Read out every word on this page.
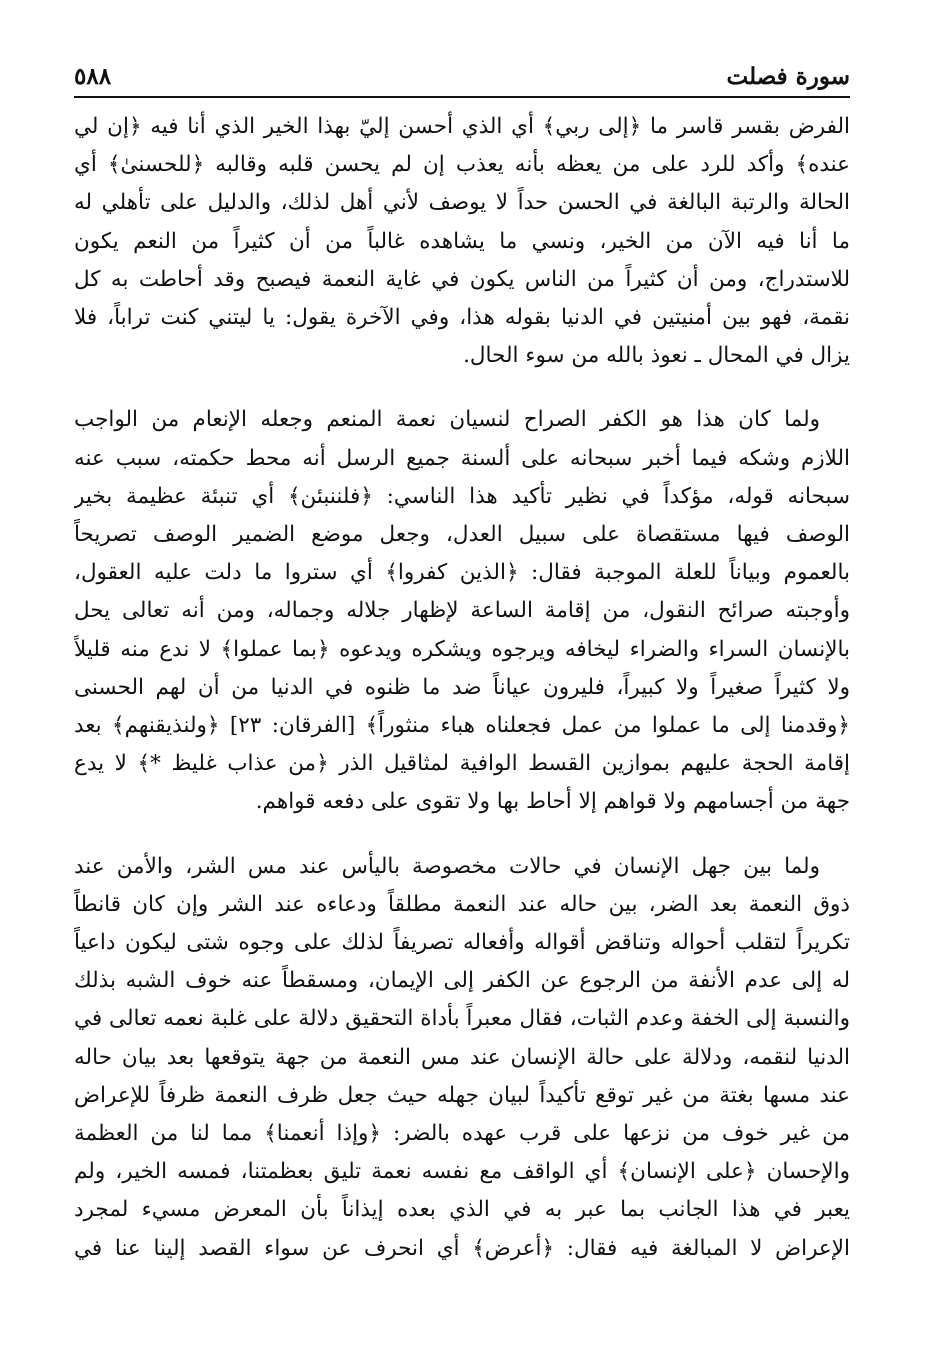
سورة فصلت
٥٨٨

الفرض بقسر قاسر ما ﴿إلى ربي﴾ أي الذي أحسن إليّ بهذا الخير الذي أنا فيه ﴿إن لي
عنده﴾ وأكد للرد على من يعظه بأنه يعذب إن لم يحسن قلبه وقالبه ﴿للحسنىٰ﴾ أي
الحالة والرتبة البالغة في الحسن حداً لا يوصف لأني أهل لذلك، والدليل على تأهلي له
ما أنا فيه الآن من الخير، ونسي ما يشاهده غالباً من أن كثيراً من النعم يكون
للاستدراج، ومن أن كثيراً من الناس يكون في غاية النعمة فيصبح وقد أحاطت به كل
نقمة، فهو بين أمنيتين في الدنيا بقوله هذا، وفي الآخرة يقول: يا ليتني كنت تراباً، فلا
يزال في المحال ـ نعوذ بالله من سوء الحال.

ولما كان هذا هو الكفر الصراح لنسيان نعمة المنعم وجعله الإنعام من الواجب
اللازم وشكه فيما أخبر سبحانه على ألسنة جميع الرسل أنه محط حكمته، سبب عنه
سبحانه قوله، مؤكداً في نظير تأكيد هذا الناسي: ﴿فلننبئن﴾ أي تنبئة عظيمة بخير
الوصف فيها مستقصاة على سبيل العدل، وجعل موضع الضمير الوصف تصريحاً
بالعموم وبياناً للعلة الموجبة فقال: ﴿الذين كفروا﴾ أي ستروا ما دلت عليه العقول،
وأوجبته صرائح النقول، من إقامة الساعة لإظهار جلاله وجماله، ومن أنه تعالى يحل
بالإنسان السراء والضراء ليخافه ويرجوه ويشكره ويدعوه ﴿بما عملوا﴾ لا ندع منه قليلاً
ولا كثيراً صغيراً ولا كبيراً، فليرون عياناً ضد ما ظنوه في الدنيا من أن لهم الحسنى
﴿وقدمنا إلى ما عملوا من عمل فجعلناه هباء منثوراً﴾ [الفرقان: ٢٣] ﴿ولنذيقنهم﴾ بعد
إقامة الحجة عليهم بموازين القسط الوافية لمثاقيل الذر ﴿من عذاب غليظ *﴾ لا يدع
جهة من أجسامهم ولا قواهم إلا أحاط بها ولا تقوى على دفعه قواهم.

ولما بين جهل الإنسان في حالات مخصوصة باليأس عند مس الشر، والأمن عند
ذوق النعمة بعد الضر، بين حاله عند النعمة مطلقاً ودعاءه عند الشر وإن كان قانطاً
تكريراً لتقلب أحواله وتناقض أقواله وأفعاله تصريفاً لذلك على وجوه شتى ليكون داعياً
له إلى عدم الأنفة من الرجوع عن الكفر إلى الإيمان، ومسقطاً عنه خوف الشبه بذلك
والنسبة إلى الخفة وعدم الثبات، فقال معبراً بأداة التحقيق دلالة على غلبة نعمه تعالى في
الدنيا لنقمه، ودلالة على حالة الإنسان عند مس النعمة من جهة يتوقعها بعد بيان حاله
عند مسها بغتة من غير توقع تأكيداً لبيان جهله حيث جعل ظرف النعمة ظرفاً للإعراض
من غير خوف من نزعها على قرب عهده بالضر: ﴿وإذا أنعمنا﴾ مما لنا من العظمة
والإحسان ﴿على الإنسان﴾ أي الواقف مع نفسه نعمة تليق بعظمتنا، فمسه الخير، ولم
يعبر في هذا الجانب بما عبر به في الذي بعده إيذاناً بأن المعرض مسيء لمجرد
الإعراض لا المبالغة فيه فقال: ﴿أعرض﴾ أي انحرف عن سواء القصد إلينا عنا في
